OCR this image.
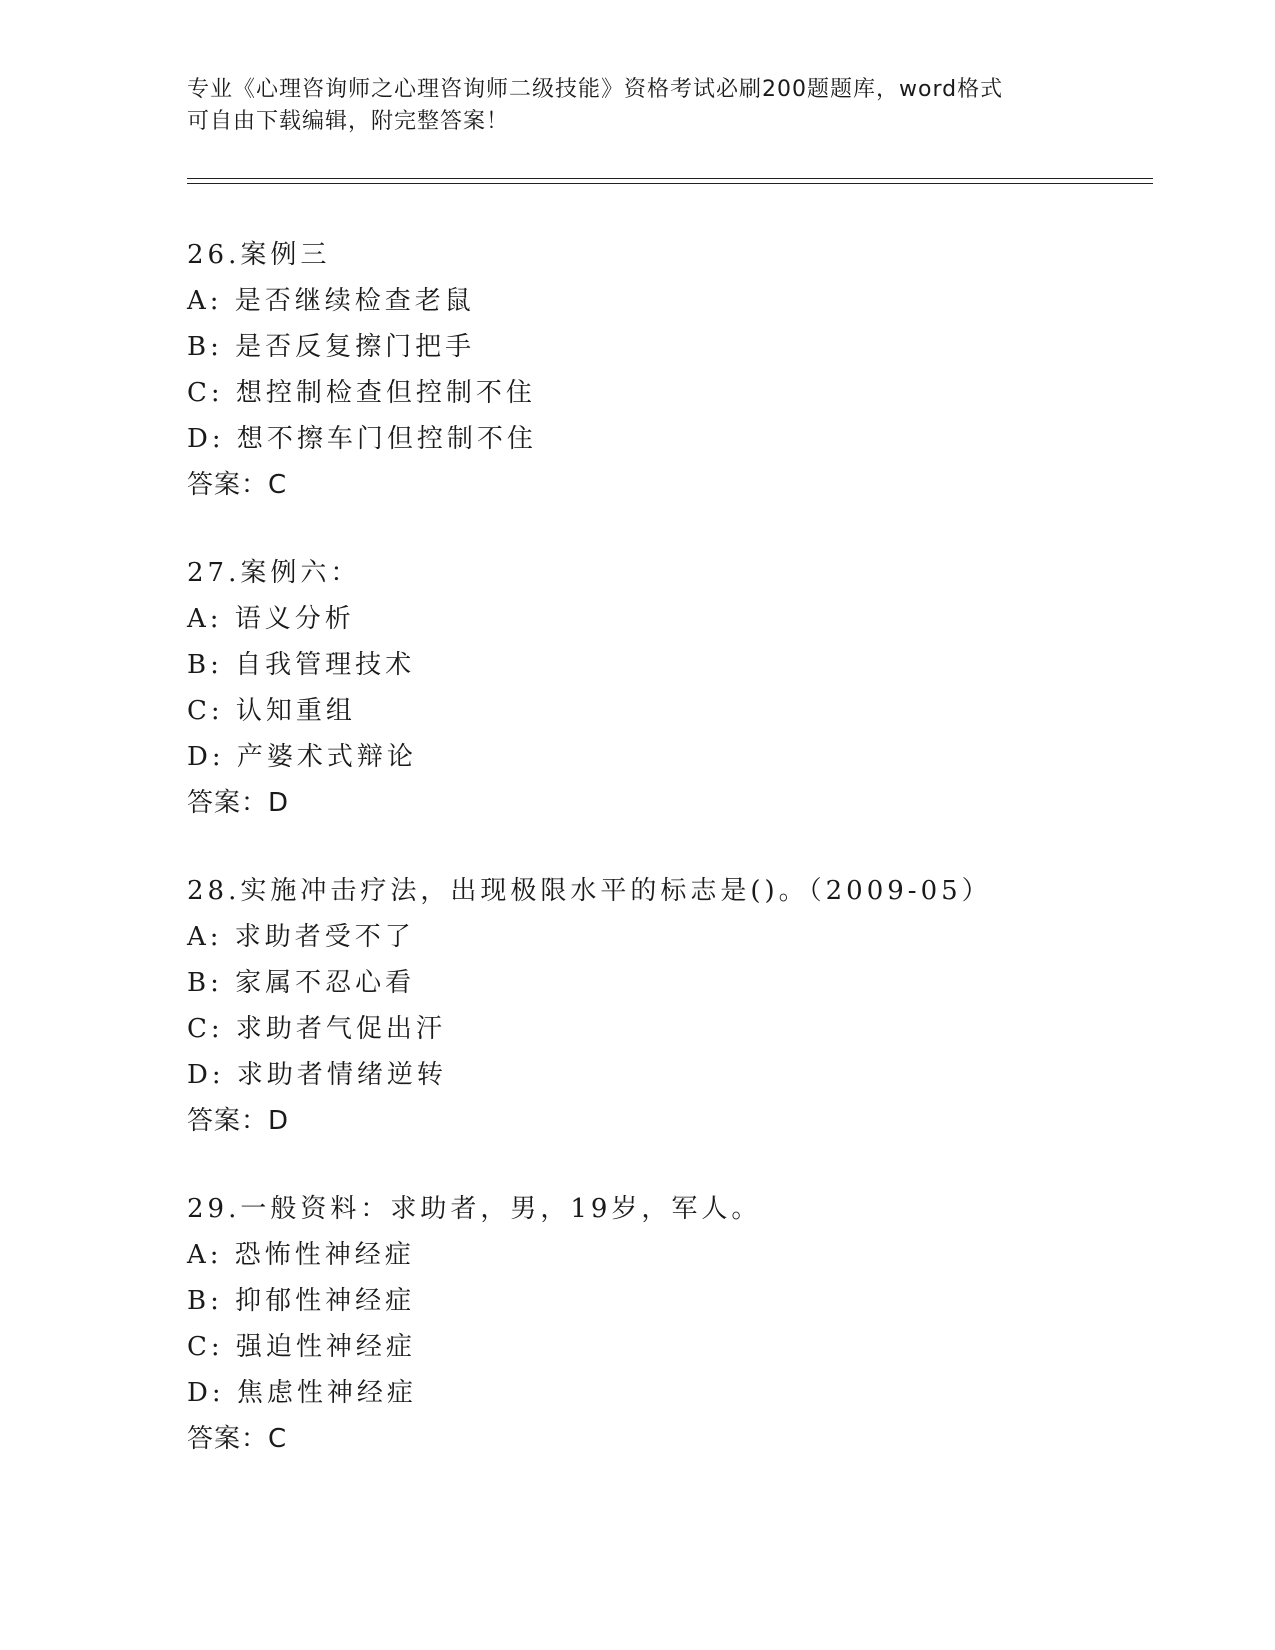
专业《心理咨询师之心理咨询师二级技能》资格考试必刷200题题库，word格式
可自由下载编辑，附完整答案！
26.案例三
A: 是否继续检查老鼠
B: 是否反复擦门把手
C: 想控制检查但控制不住
D: 想不擦车门但控制不住
答案：C
27.案例六：
A: 语义分析
B: 自我管理技术
C: 认知重组
D: 产婆术式辩论
答案：D
28.实施冲击疗法，出现极限水平的标志是()。（2009-05）
A: 求助者受不了
B: 家属不忍心看
C: 求助者气促出汗
D: 求助者情绪逆转
答案：D
29.一般资料：求助者，男，19岁，军人。
A: 恐怖性神经症
B: 抑郁性神经症
C: 强迫性神经症
D: 焦虑性神经症
答案：C
